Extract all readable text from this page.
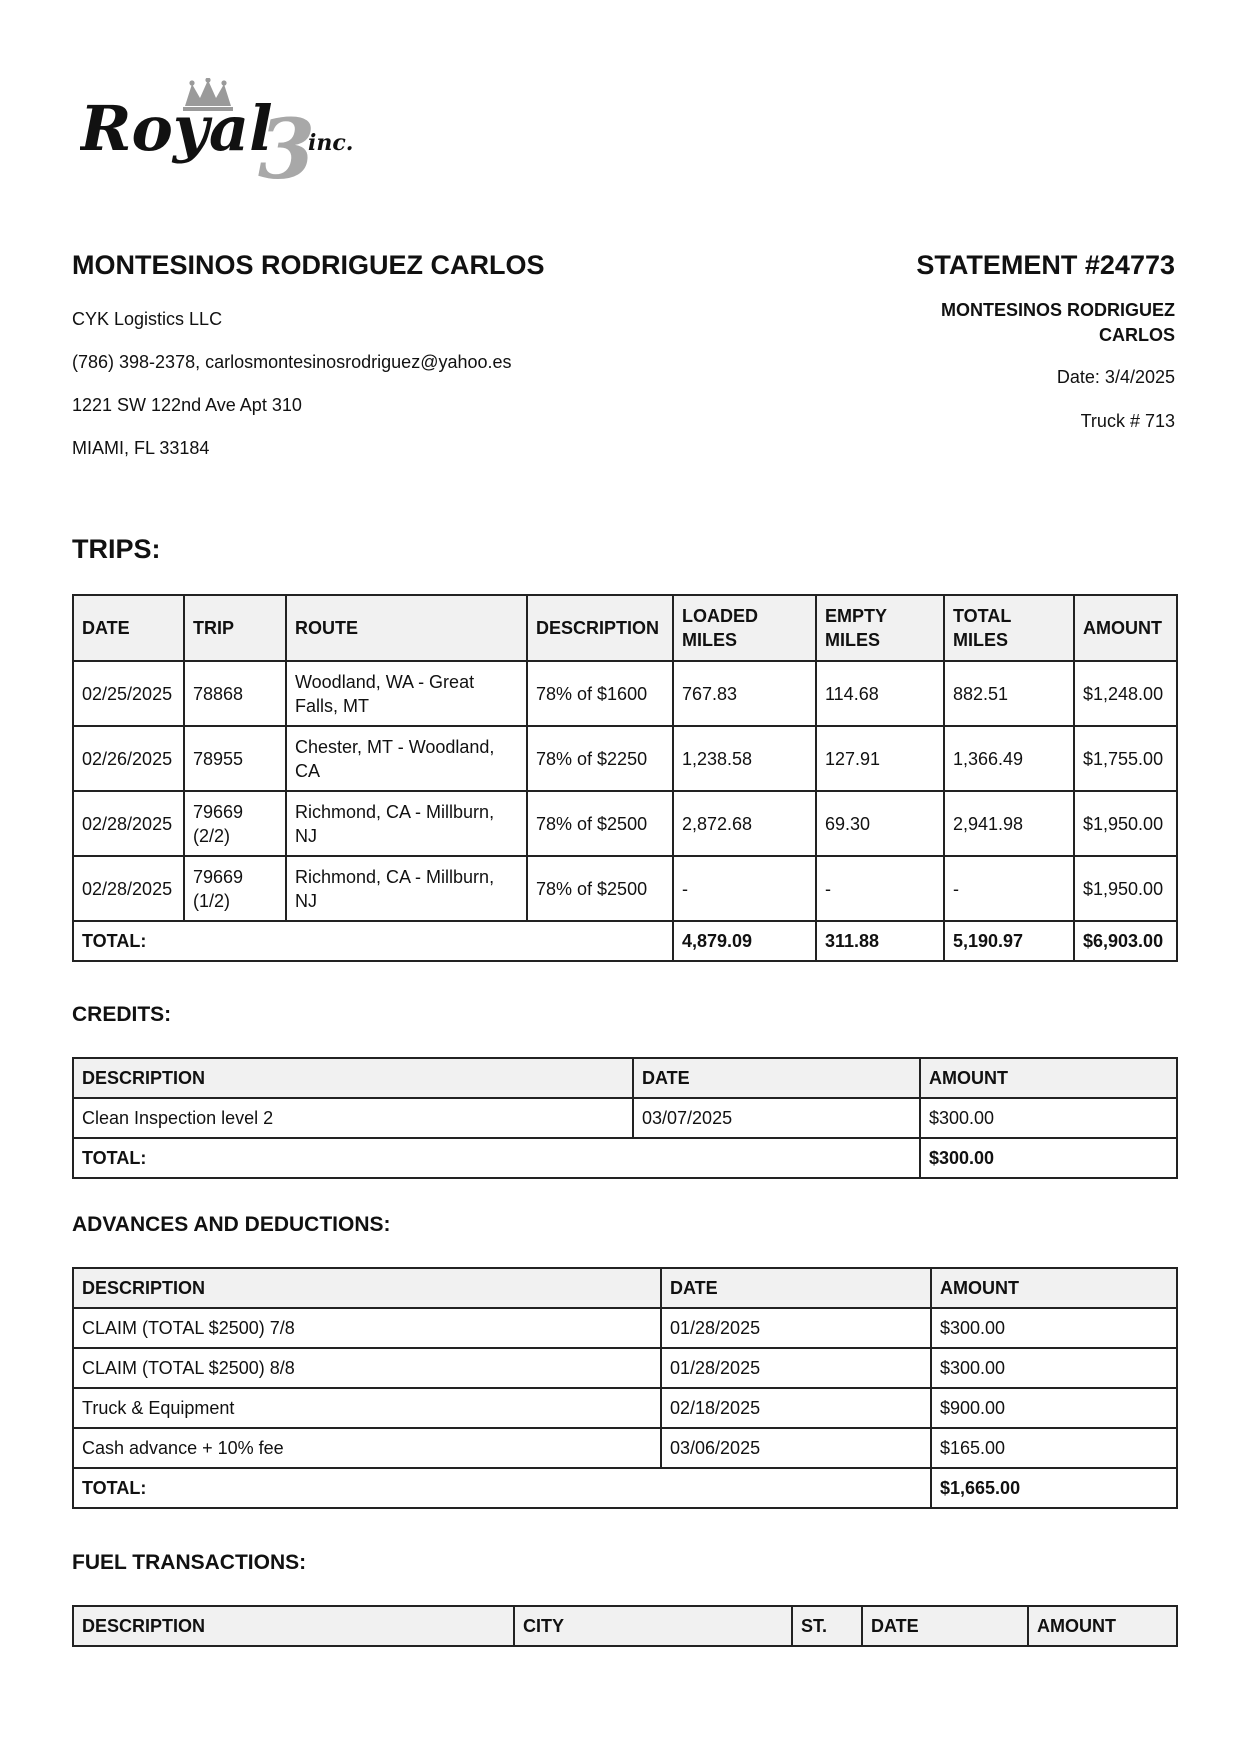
Royal
3
inc.
MONTESINOS RODRIGUEZ CARLOS
CYK Logistics LLC
(786) 398-2378, carlosmontesinosrodriguez@yahoo.es
1221 SW 122nd Ave Apt 310
MIAMI, FL 33184
STATEMENT #24773
MONTESINOS RODRIGUEZ
CARLOS
Date: 3/4/2025
Truck # 713
TRIPS:
DATE	TRIP	ROUTE	DESCRIPTION	LOADED MILES	EMPTY MILES	TOTAL MILES	AMOUNT
02/25/2025	78868	Woodland, WA - Great Falls, MT	78% of $1600	767.83	114.68	882.51	$1,248.00
02/26/2025	78955	Chester, MT - Woodland, CA	78% of $2250	1,238.58	127.91	1,366.49	$1,755.00
02/28/2025	79669 (2/2)	Richmond, CA - Millburn, NJ	78% of $2500	2,872.68	69.30	2,941.98	$1,950.00
02/28/2025	79669 (1/2)	Richmond, CA - Millburn, NJ	78% of $2500	-	-	-	$1,950.00
TOTAL:				4,879.09	311.88	5,190.97	$6,903.00
CREDITS:
DESCRIPTION	DATE	AMOUNT
Clean Inspection level 2	03/07/2025	$300.00
TOTAL:		$300.00
ADVANCES AND DEDUCTIONS:
DESCRIPTION	DATE	AMOUNT
CLAIM (TOTAL $2500) 7/8	01/28/2025	$300.00
CLAIM (TOTAL $2500) 8/8	01/28/2025	$300.00
Truck & Equipment	02/18/2025	$900.00
Cash advance + 10% fee	03/06/2025	$165.00
TOTAL:		$1,665.00
FUEL TRANSACTIONS:
DESCRIPTION	CITY	ST.	DATE	AMOUNT
